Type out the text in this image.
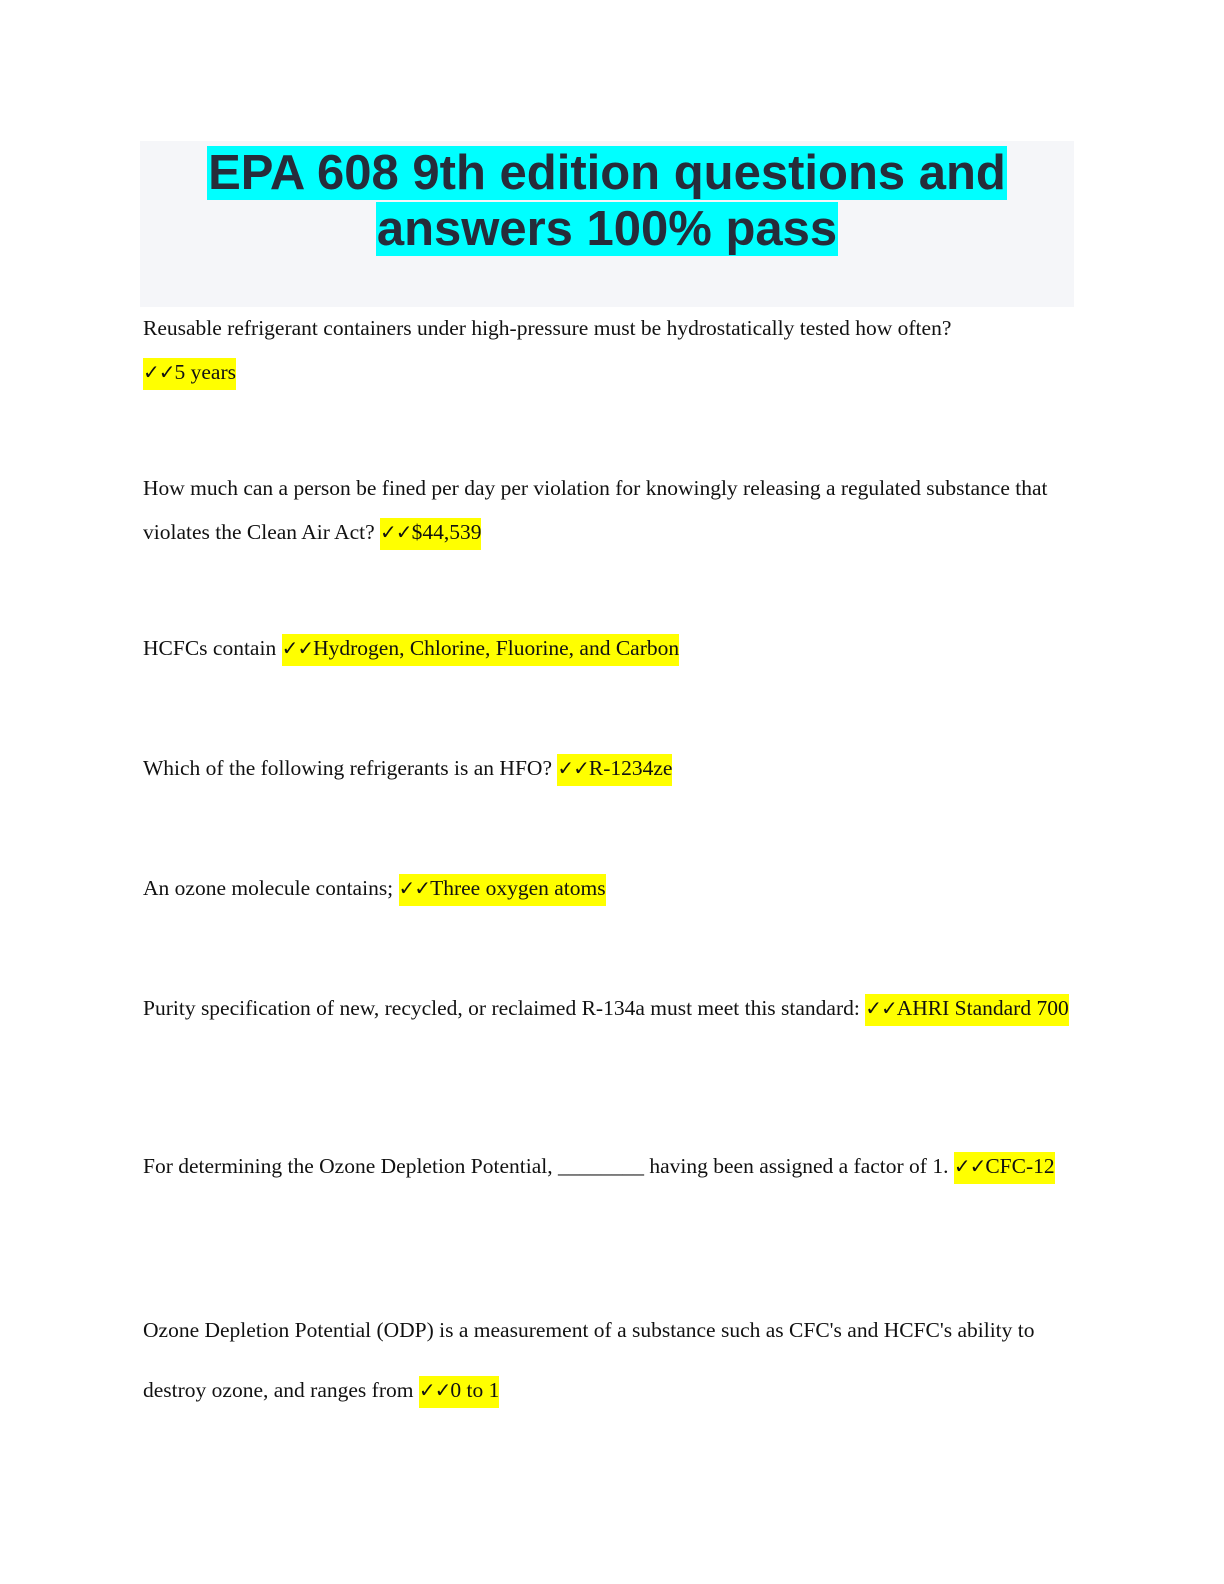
EPA 608 9th edition questions and
answers 100% pass

Reusable refrigerant containers under high-pressure must be hydrostatically tested how often?
✓✓5 years

How much can a person be fined per day per violation for knowingly releasing a regulated substance that violates the Clean Air Act? ✓✓$44,539

HCFCs contain ✓✓Hydrogen, Chlorine, Fluorine, and Carbon

Which of the following refrigerants is an HFO? ✓✓R-1234ze

An ozone molecule contains; ✓✓Three oxygen atoms

Purity specification of new, recycled, or reclaimed R-134a must meet this standard: ✓✓AHRI Standard 700

For determining the Ozone Depletion Potential, ________ having been assigned a factor of 1. ✓✓CFC-12

Ozone Depletion Potential (ODP) is a measurement of a substance such as CFC's and HCFC's ability to destroy ozone, and ranges from ✓✓0 to 1
